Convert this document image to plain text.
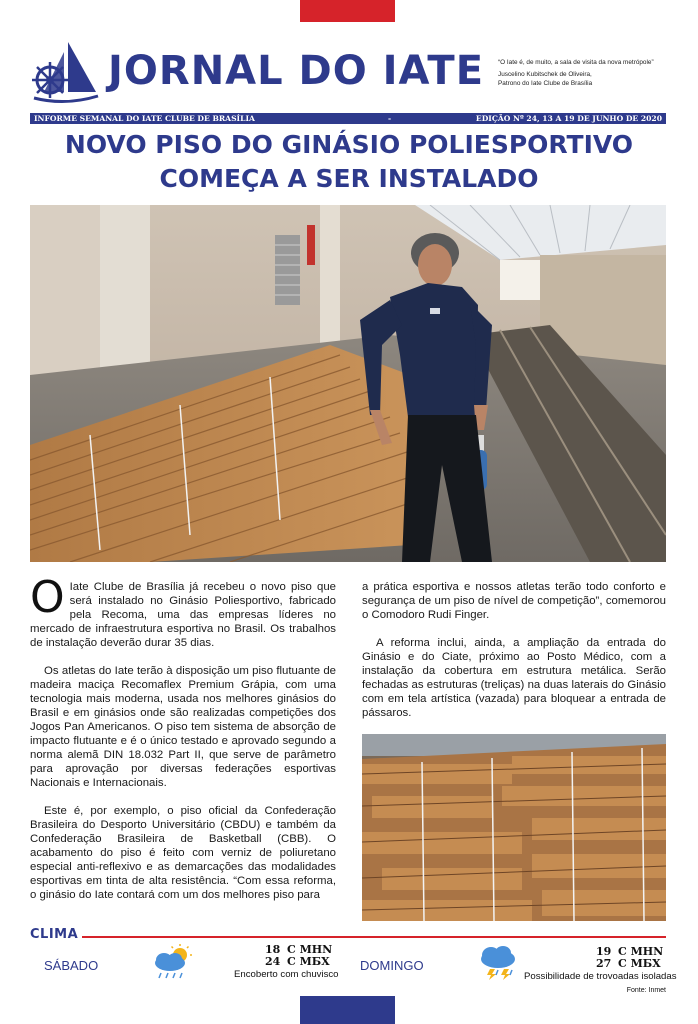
JORNAL DO IATE “O Iate é, de muito, a sala de visita da nova metrópole”
Juscelino Kubitschek de Oliveira,
Patrono do Iate Clube de Brasília
INFORME SEMANAL DO IATE CLUBE DE BRASÍLIA	-	EDIÇÃO Nº 24, 13 A 19 DE JUNHO DE 2020
NOVO PISO DO GINÁSIO POLIESPORTIVO
COMEÇA A SER INSTALADO

O Iate Clube de Brasília já recebeu o novo piso que será instalado no Ginásio Poliesportivo, fabricado pela Recoma, uma das empresas líderes no mercado de infraestrutura esportiva no Brasil. Os trabalhos de instalação deverão durar 35 dias.

Os atletas do Iate terão à disposição um piso flutuante de madeira maciça Recomaflex Premium Grápia, com uma tecnologia mais moderna, usada nos melhores ginásios do Brasil e em ginásios onde são realizadas competições dos Jogos Pan Americanos. O piso tem sistema de absorção de impacto flutuante e é o único testado e aprovado segundo a norma alemã DIN 18.032 Part II, que serve de parâmetro para aprovação por diversas federações esportivas Nacionais e Internacionais.

Este é, por exemplo, o piso oficial da Confederação Brasileira do Desporto Universitário (CBDU) e também da Confederação Brasileira de Basketball (CBB). O acabamento do piso é feito com verniz de poliuretano especial anti-reflexivo e as demarcações das modalidades esportivas em tinta de alta resistência. “Com essa reforma, o ginásio do Iate contará com um dos melhores piso para

a prática esportiva e nossos atletas terão todo conforto e segurança de um piso de nível de competição”, comemorou o Comodoro Rudi Finger.

A reforma inclui, ainda, a ampliação da entrada do Ginásio e do Ciate, próximo ao Posto Médico, com a instalação da cobertura em estrutura metálica. Serão fechadas as estruturas (treliças) na duas laterais do Ginásio com em tela artística (vazada) para bloquear a entrada de pássaros.

CLIMA
SÁBADO
18 C MHN
24 C MБX
Encoberto com chuvisco
DOMINGO
19 C MHN
27 C MБX
Possibilidade de trovoadas isoladas
Fonte: Inmet
